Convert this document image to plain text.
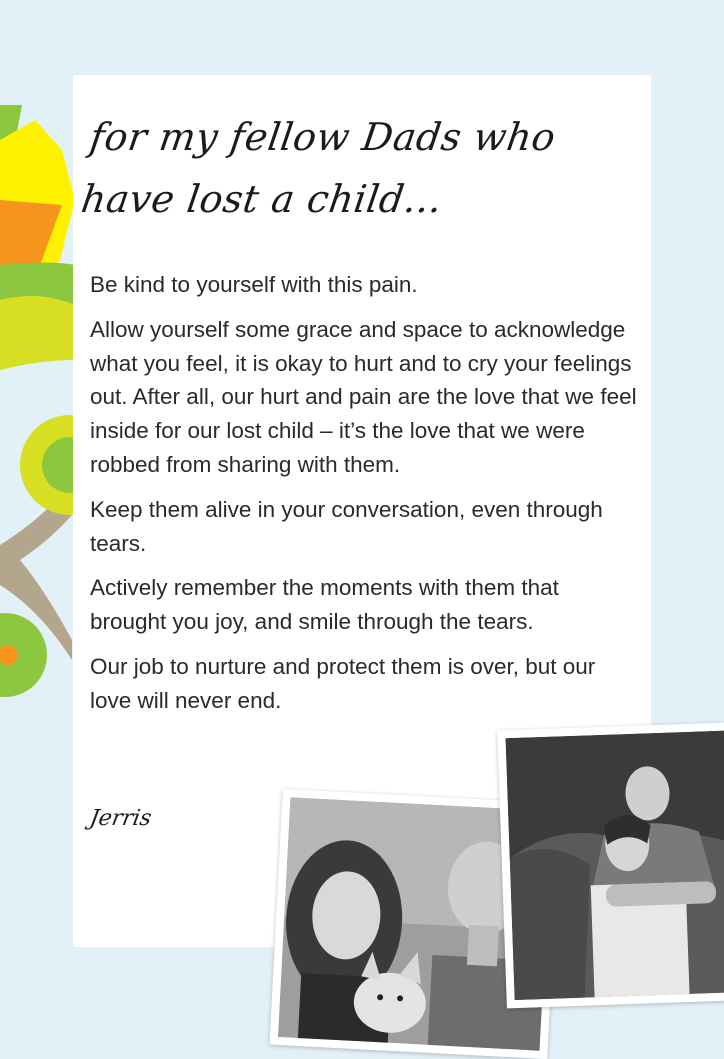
for my fellow Dads who
have lost a child...

Be kind to yourself with this pain.

Allow yourself some grace and space to acknowledge what you feel, it is okay to hurt and to cry your feelings out. After all, our hurt and pain are the love that we feel inside for our lost child – it’s the love that we were robbed from sharing with them.

Keep them alive in your conversation, even through tears.

Actively remember the moments with them that brought you joy, and smile through the tears.

Our job to nurture and protect them is over, but our love will never end.

Jerris
